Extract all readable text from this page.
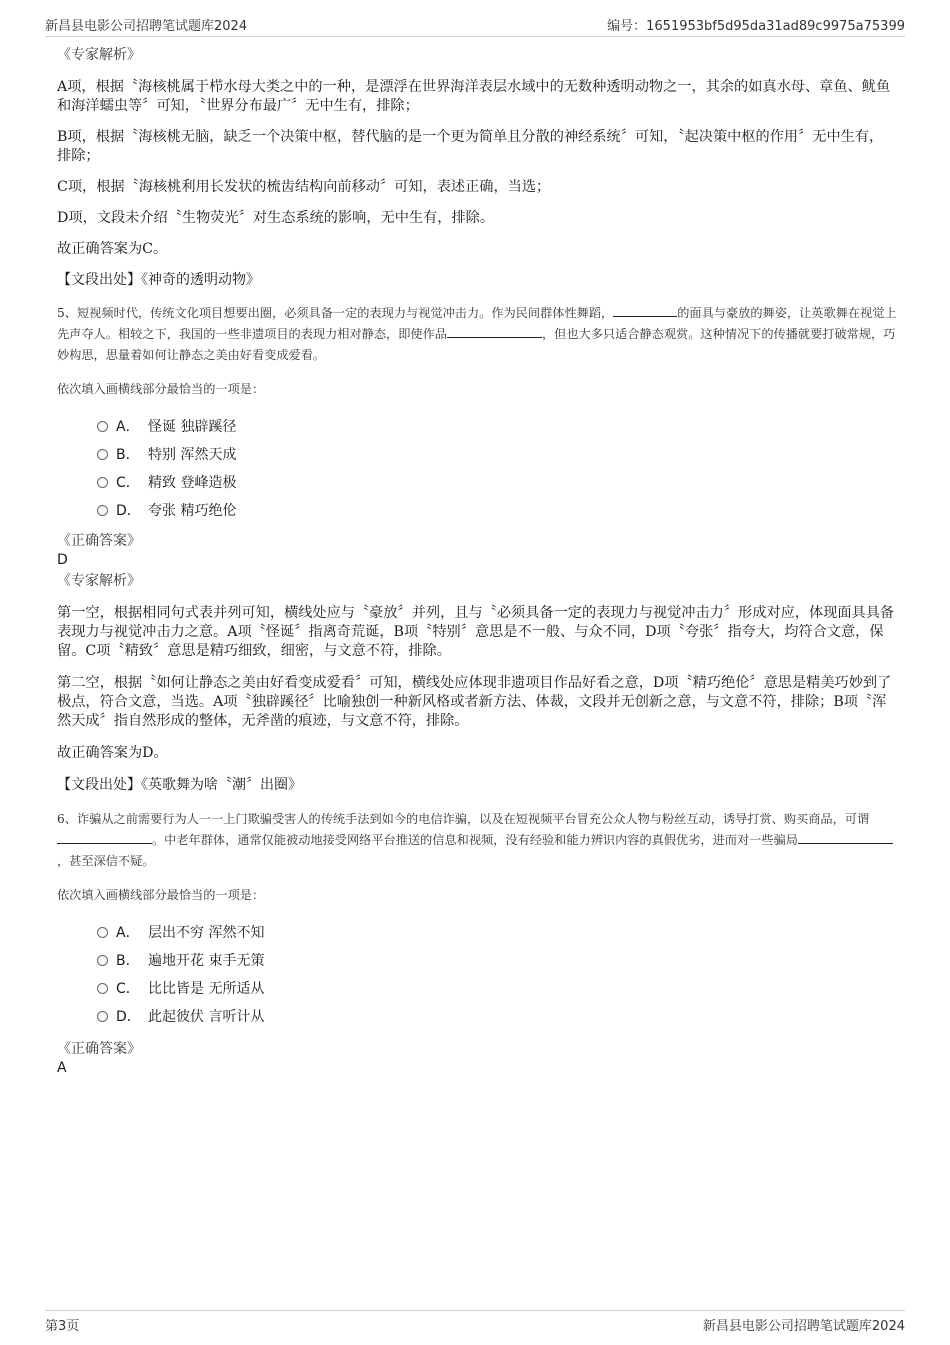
新昌县电影公司招聘笔试题库2024	编号：1651953bf5d95da31ad89c9975a75399

《专家解析》

A项，根据〝海核桃属于栉水母大类之中的一种，是漂浮在世界海洋表层水域中的无数种透明动物之一，其余的如真水母、章鱼、鱿鱼和海洋蠕虫等〞可知，〝世界分布最广〞无中生有，排除；

B项，根据〝海核桃无脑，缺乏一个决策中枢，替代脑的是一个更为简单且分散的神经系统〞可知，〝起决策中枢的作用〞无中生有，排除；

C项，根据〝海核桃利用长发状的梳齿结构向前移动〞可知，表述正确，当选；

D项，文段未介绍〝生物荧光〞对生态系统的影响，无中生有，排除。

故正确答案为C。

【文段出处】《神奇的透明动物》

5、短视频时代，传统文化项目想要出圈，必须具备一定的表现力与视觉冲击力。作为民间群体性舞蹈，	的面具与豪放的舞姿，让英歌舞在视觉上先声夺人。相较之下，我国的一些非遗项目的表现力相对静态，即使作品	，但也大多只适合静态观赏。这种情况下的传播就要打破常规，巧妙构思，思量着如何让静态之美由好看变成爱看。

依次填入画横线部分最恰当的一项是：

A． 怪诞 独辟蹊径
B． 特别 浑然天成
C． 精致 登峰造极
D． 夸张 精巧绝伦

《正确答案》

D

《专家解析》

第一空，根据相同句式表并列可知，横线处应与〝豪放〞并列，且与〝必须具备一定的表现力与视觉冲击力〞形成对应，体现面具具备表现力与视觉冲击力之意。A项〝怪诞〞指离奇荒诞，B项〝特别〞意思是不一般、与众不同，D项〝夸张〞指夸大，均符合文意，保留。C项〝精致〞意思是精巧细致，细密，与文意不符，排除。

第二空，根据〝如何让静态之美由好看变成爱看〞可知，横线处应体现非遗项目作品好看之意，D项〝精巧绝伦〞意思是精美巧妙到了极点，符合文意，当选。A项〝独辟蹊径〞比喻独创一种新风格或者新方法、体裁，文段并无创新之意，与文意不符，排除；B项〝浑然天成〞指自然形成的整体，无斧凿的痕迹，与文意不符，排除。

故正确答案为D。

【文段出处】《英歌舞为啥〝潮〞出圈》

6、诈骗从之前需要行为人一一上门欺骗受害人的传统手法到如今的电信诈骗，以及在短视频平台冒充公众人物与粉丝互动，诱导打赏、购买商品，可谓。中老年群体，通常仅能被动地接受网络平台推送的信息和视频，没有经验和能力辨识内容的真假优劣，进而对一些骗局，甚至深信不疑。

依次填入画横线部分最恰当的一项是：

A． 层出不穷 浑然不知
B． 遍地开花 束手无策
C． 比比皆是 无所适从
D． 此起彼伏 言听计从

《正确答案》

A

第3页	新昌县电影公司招聘笔试题库2024
